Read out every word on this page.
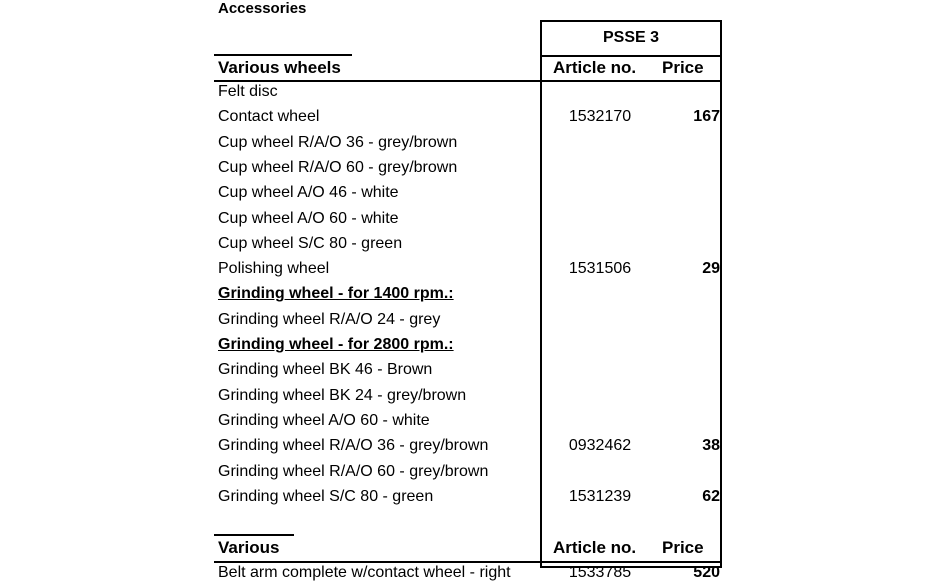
Accessories
PSSE 3
Various wheels	Article no. Price
Felt disc
Contact wheel	1532170	167
Cup wheel R/A/O 36 - grey/brown
Cup wheel R/A/O 60 - grey/brown
Cup wheel A/O 46 - white
Cup wheel A/O 60 - white
Cup wheel S/C 80 - green
Polishing wheel	1531506	29
Grinding wheel - for 1400 rpm.:
Grinding wheel R/A/O 24 - grey
Grinding wheel - for 2800 rpm.:
Grinding wheel BK 46 - Brown
Grinding wheel BK 24 - grey/brown
Grinding wheel A/O 60 - white
Grinding wheel R/A/O 36 - grey/brown	0932462	38
Grinding wheel R/A/O 60 - grey/brown
Grinding wheel S/C 80 - green	1531239	62
Various	Article no. Price
Belt arm complete w/contact wheel - right	1533785	520
